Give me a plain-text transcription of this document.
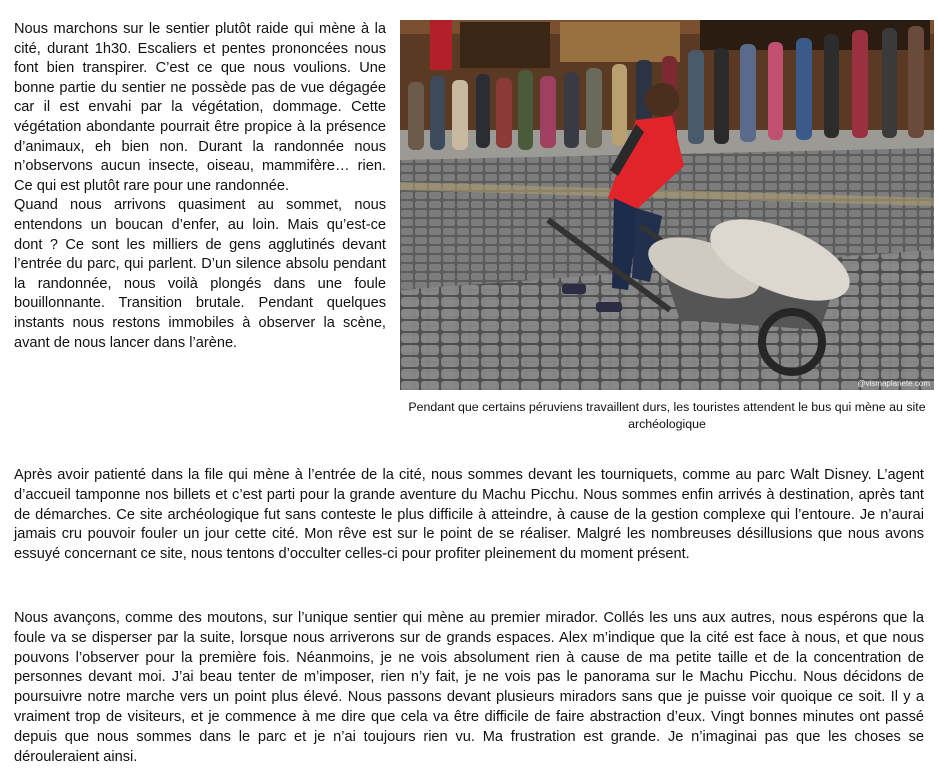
Nous marchons sur le sentier plutôt raide qui mène à la cité, durant 1h30. Escaliers et pentes prononcées nous font bien transpirer. C’est ce que nous voulions. Une bonne partie du sentier ne possède pas de vue dégagée car il est envahi par la végétation, dommage. Cette végétation abondante pourrait être propice à la présence d’animaux, eh bien non. Durant la randonnée nous n’observons aucun insecte, oiseau, mammifère… rien. Ce qui est plutôt rare pour une randonnée.

Quand nous arrivons quasiment au sommet, nous entendons un boucan d’enfer, au loin. Mais qu’est-ce dont ? Ce sont les milliers de gens agglutinés devant l’entrée du parc, qui parlent. D’un silence absolu pendant la randonnée, nous voilà plongés dans une foule bouillonnante. Transition brutale. Pendant quelques instants nous restons immobiles à observer la scène, avant de nous lancer dans l’arène.

@vismaplanete.com
Pendant que certains péruviens travaillent durs, les touristes attendent le bus qui mène au site archéologique

Après avoir patienté dans la file qui mène à l’entrée de la cité, nous sommes devant les tourniquets, comme au parc Walt Disney. L’agent d’accueil tamponne nos billets et c’est parti pour la grande aventure du Machu Picchu. Nous sommes enfin arrivés à destination, après tant de démarches. Ce site archéologique fut sans conteste le plus difficile à atteindre, à cause de la gestion complexe qui l’entoure. Je n’aurai jamais cru pouvoir fouler un jour cette cité. Mon rêve est sur le point de se réaliser. Malgré les nombreuses désillusions que nous avons essuyé concernant ce site, nous tentons d’occulter celles-ci pour profiter pleinement du moment présent.

Nous avançons, comme des moutons, sur l’unique sentier qui mène au premier mirador. Collés les uns aux autres, nous espérons que la foule va se disperser par la suite, lorsque nous arriverons sur de grands espaces. Alex m’indique que la cité est face à nous, et que nous pouvons l’observer pour la première fois. Néanmoins, je ne vois absolument rien à cause de ma petite taille et de la concentration de personnes devant moi. J’ai beau tenter de m’imposer, rien n’y fait, je ne vois pas le panorama sur le Machu Picchu. Nous décidons de poursuivre notre marche vers un point plus élevé. Nous passons devant plusieurs miradors sans que je puisse voir quoique ce soit. Il y a vraiment trop de visiteurs, et je commence à me dire que cela va être difficile de faire abstraction d’eux. Vingt bonnes minutes ont passé depuis que nous sommes dans le parc et je n’ai toujours rien vu. Ma frustration est grande. Je n’imaginai pas que les choses se dérouleraient ainsi.
